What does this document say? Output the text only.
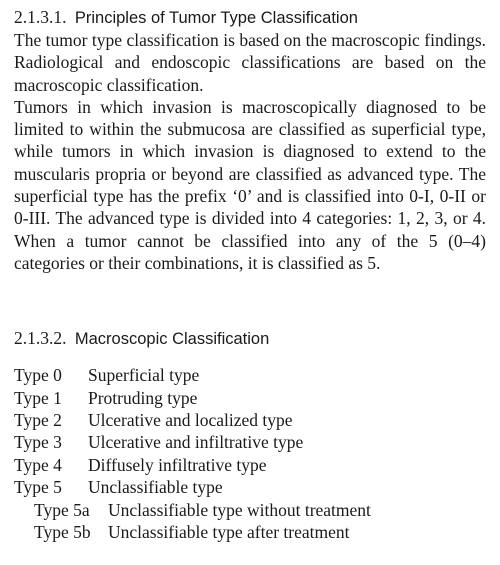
2.1.3.1. Principles of Tumor Type Classification

The tumor type classification is based on the macroscopic findings. Radiological and endoscopic classifications are based on the macroscopic classification.

Tumors in which invasion is macroscopically diagnosed to be limited to within the submucosa are classified as superficial type, while tumors in which invasion is diagnosed to extend to the muscularis propria or beyond are classified as advanced type. The superficial type has the prefix ‘0’ and is classified into 0-I, 0-II or 0-III. The advanced type is divided into 4 categories: 1, 2, 3, or 4. When a tumor cannot be classified into any of the 5 (0–4) categories or their combinations, it is classified as 5.

2.1.3.2. Macroscopic Classification

Type 0	Superficial type
Type 1	Protruding type
Type 2	Ulcerative and localized type
Type 3	Ulcerative and infiltrative type
Type 4	Diffusely infiltrative type
Type 5	Unclassifiable type
Type 5a	Unclassifiable type without treatment
Type 5b Unclassifiable type after treatment
